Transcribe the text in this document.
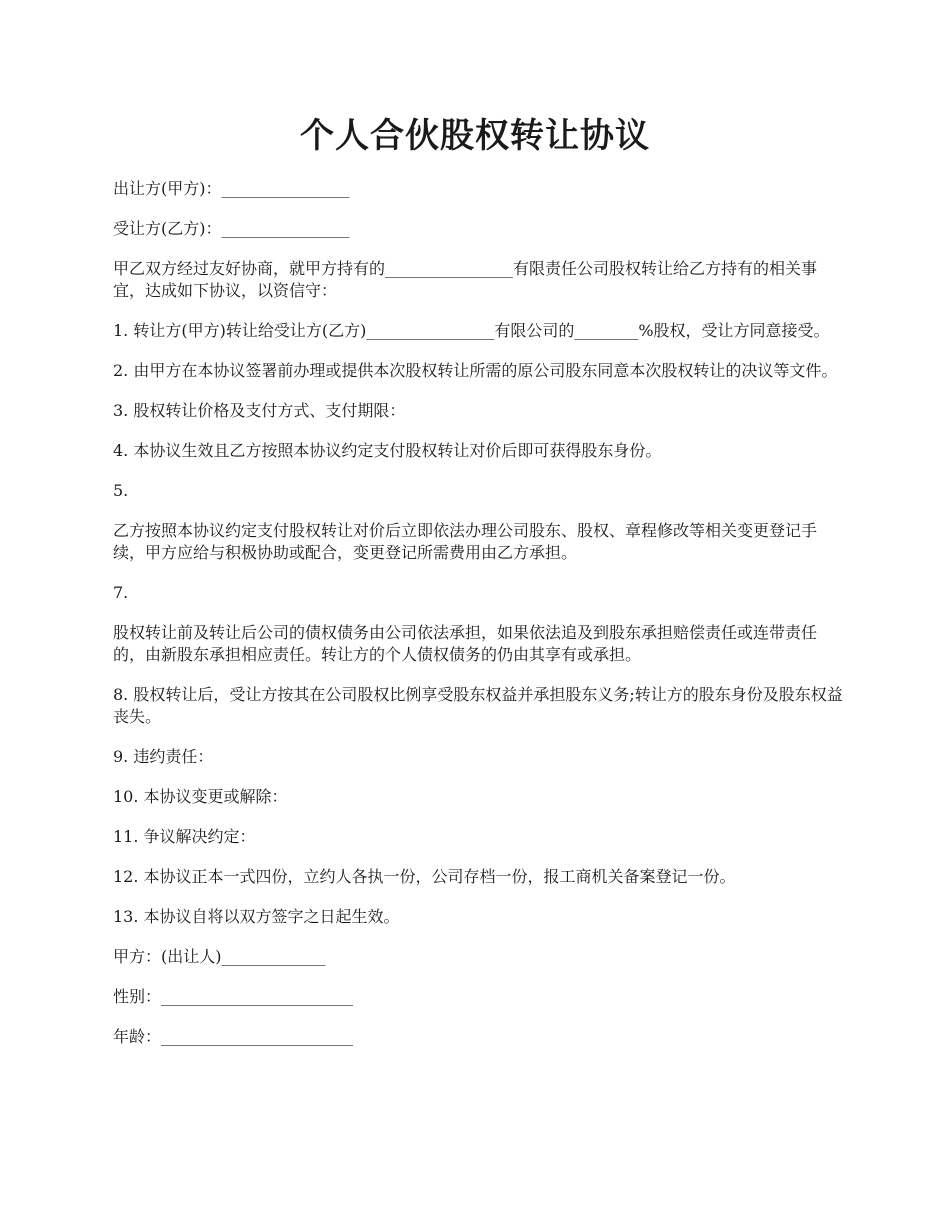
个人合伙股权转让协议

出让方(甲方)：________________

受让方(乙方)：________________

甲乙双方经过友好协商，就甲方持有的________________有限责任公司股权转让给乙方持有的相关事宜，达成如下协议，以资信守：

1. 转让方(甲方)转让给受让方(乙方)________________有限公司的________%股权，受让方同意接受。

2. 由甲方在本协议签署前办理或提供本次股权转让所需的原公司股东同意本次股权转让的决议等文件。

3. 股权转让价格及支付方式、支付期限：

4. 本协议生效且乙方按照本协议约定支付股权转让对价后即可获得股东身份。

5.

乙方按照本协议约定支付股权转让对价后立即依法办理公司股东、股权、章程修改等相关变更登记手续，甲方应给与积极协助或配合，变更登记所需费用由乙方承担。

7.

股权转让前及转让后公司的债权债务由公司依法承担，如果依法追及到股东承担赔偿责任或连带责任的，由新股东承担相应责任。转让方的个人债权债务的仍由其享有或承担。

8. 股权转让后，受让方按其在公司股权比例享受股东权益并承担股东义务;转让方的股东身份及股东权益丧失。

9. 违约责任：

10. 本协议变更或解除：

11. 争议解决约定：

12. 本协议正本一式四份，立约人各执一份，公司存档一份，报工商机关备案登记一份。

13. 本协议自将以双方签字之日起生效。

甲方：(出让人)_____________

性别：________________________

年龄：________________________
